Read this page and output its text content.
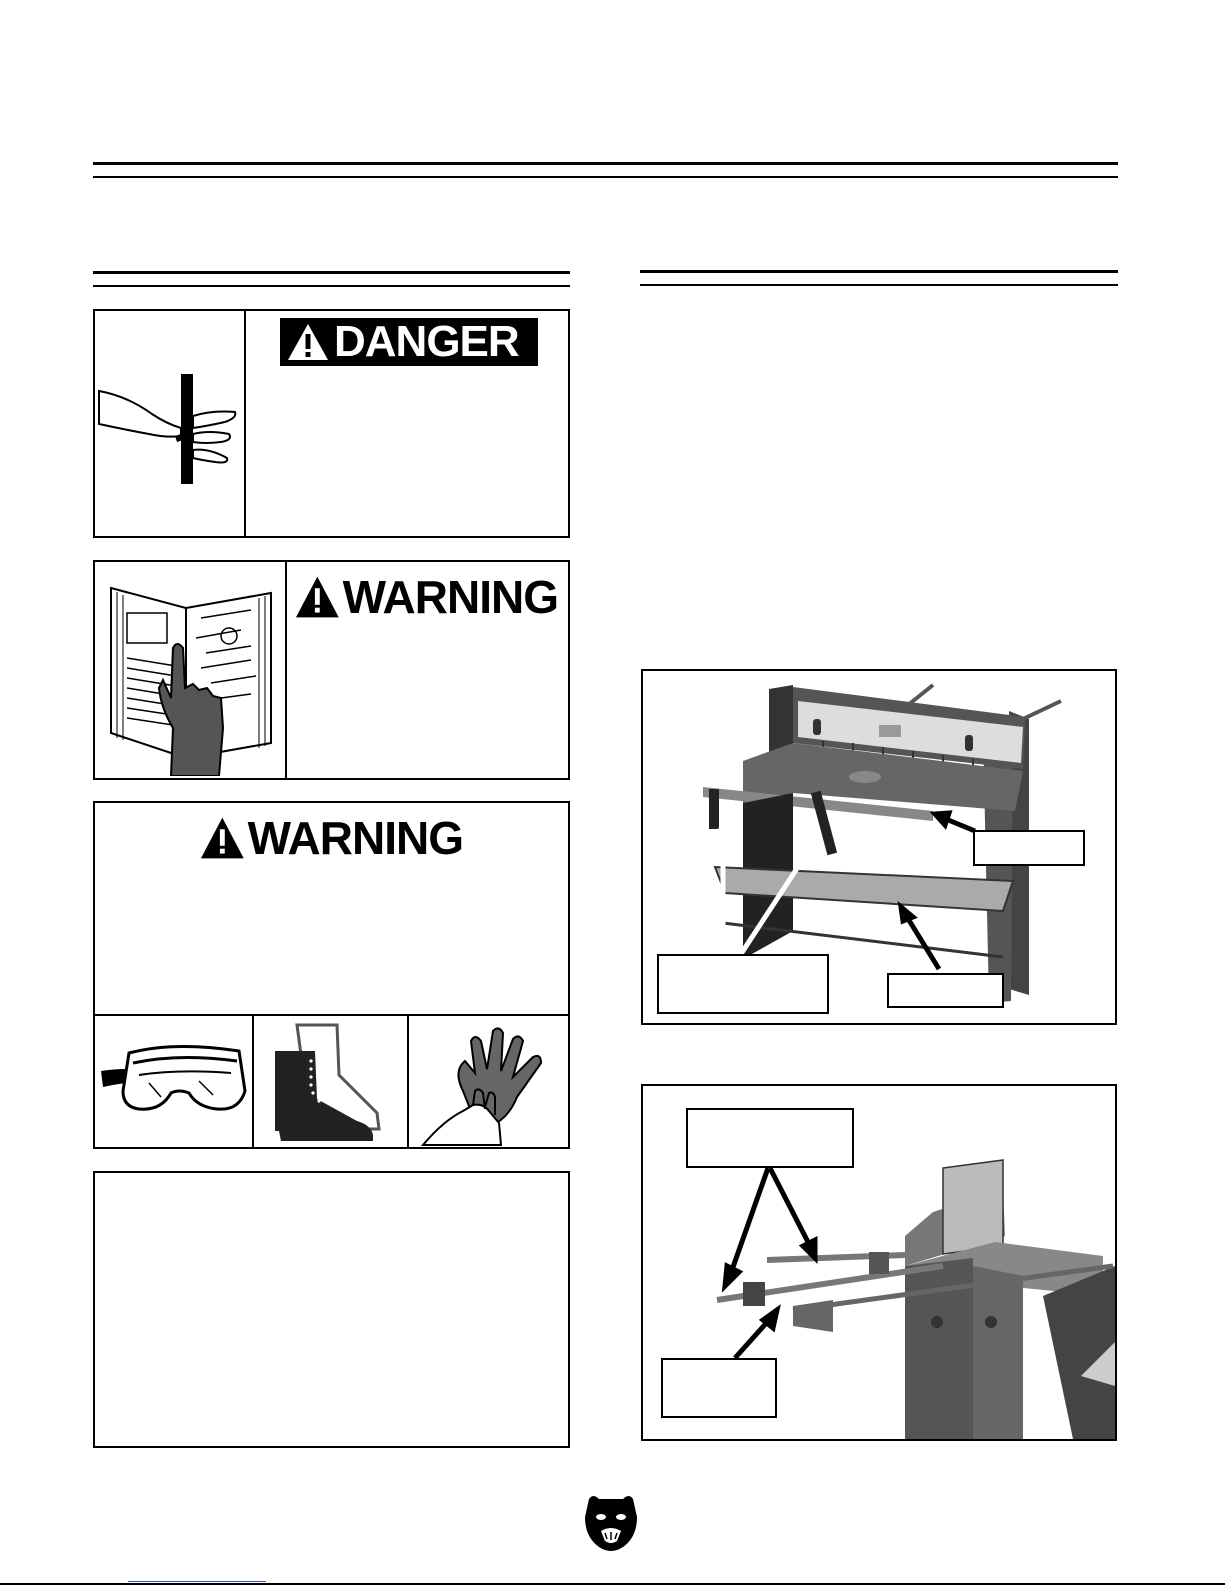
DANGER
WARNING
WARNING
